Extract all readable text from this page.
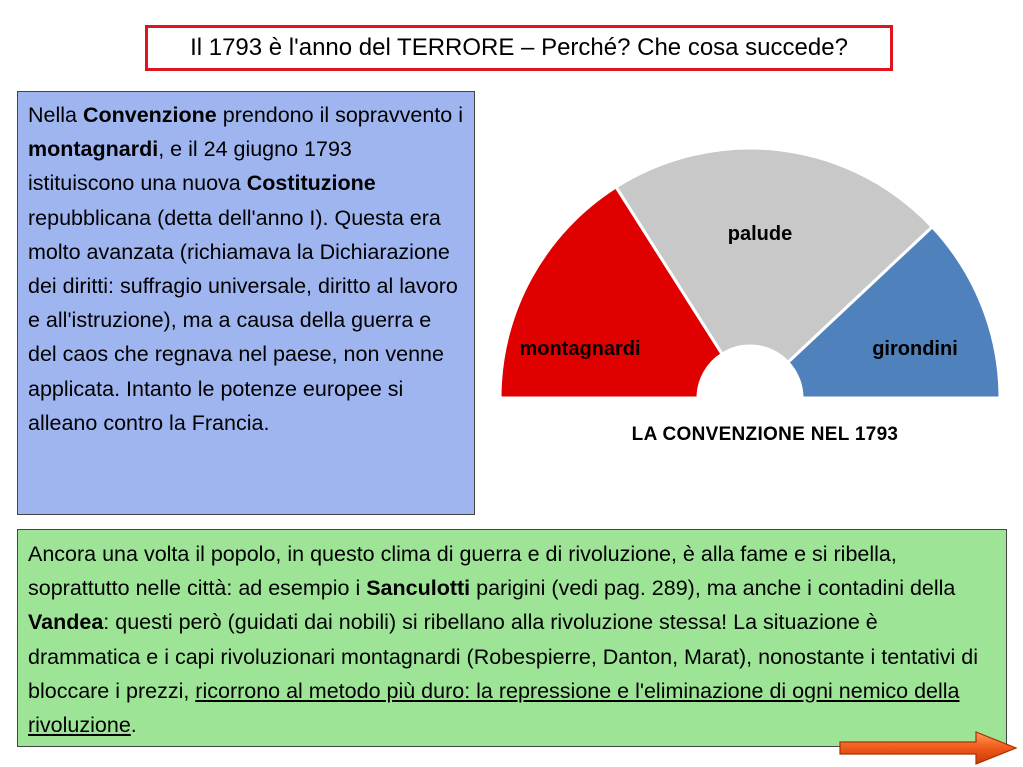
Il 1793 è l'anno del TERRORE – Perché? Che cosa succede?

Nella Convenzione prendono il sopravvento i montagnardi, e il 24 giugno 1793 istituiscono una nuova Costituzione repubblicana (detta dell'anno I). Questa era molto avanzata (richiamava la Dichiarazione dei diritti: suffragio universale, diritto al lavoro e all'istruzione), ma a causa della guerra e del caos che regnava nel paese, non venne applicata. Intanto le potenze europee si alleano contro la Francia.

montagnardi
palude
girondini
LA CONVENZIONE NEL 1793

Ancora una volta il popolo, in questo clima di guerra e di rivoluzione, è alla fame e si ribella, soprattutto nelle città: ad esempio i Sanculotti parigini (vedi pag. 289), ma anche i contadini della Vandea: questi però (guidati dai nobili) si ribellano alla rivoluzione stessa! La situazione è drammatica e i capi rivoluzionari montagnardi (Robespierre, Danton, Marat), nonostante i tentativi di bloccare i prezzi, ricorrono al metodo più duro: la repressione e l'eliminazione di ogni nemico della rivoluzione.
